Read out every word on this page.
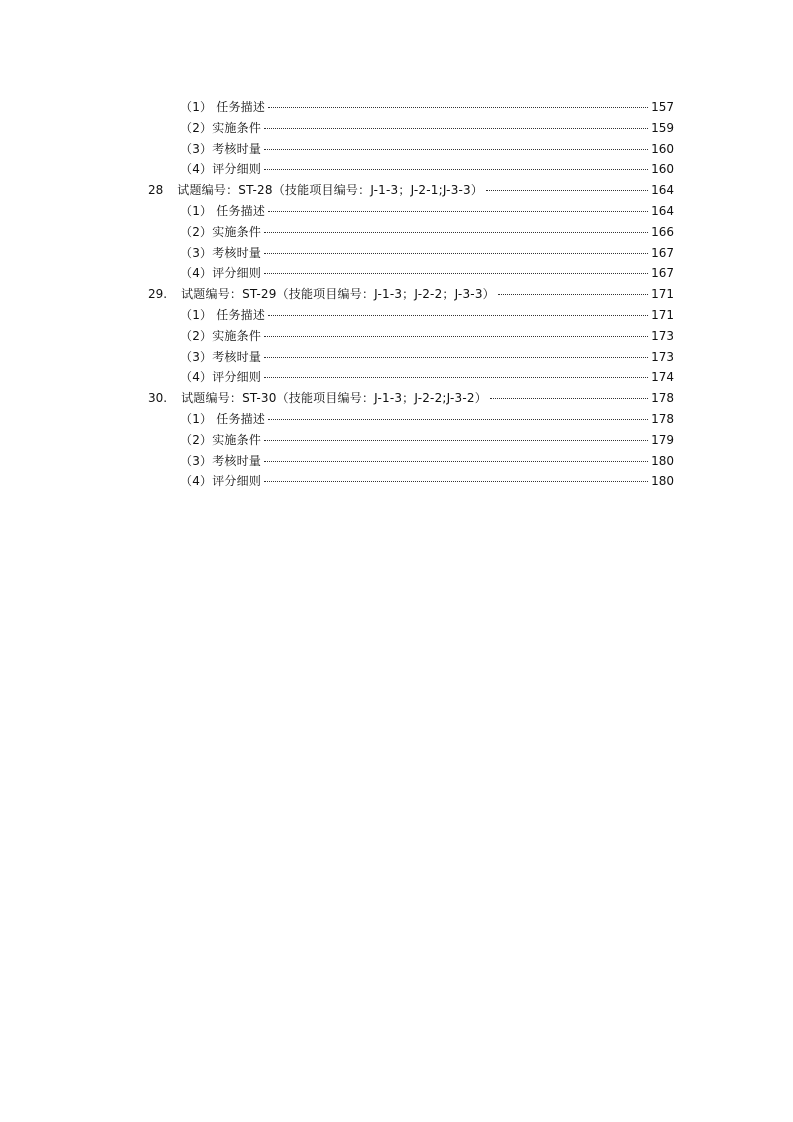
（1） 任务描述	157
（2）实施条件	159
（3）考核时量	160
（4）评分细则	160
28 试题编号：ST-28（技能项目编号：J-1-3；J-2-1;J-3-3）	164
（1） 任务描述	164
（2）实施条件	166
（3）考核时量	167
（4）评分细则	167
29. 试题编号：ST-29（技能项目编号：J-1-3；J-2-2；J-3-3）	171
（1） 任务描述	171
（2）实施条件	173
（3）考核时量	173
（4）评分细则	174
30. 试题编号：ST-30（技能项目编号：J-1-3；J-2-2;J-3-2）	178
（1） 任务描述	178
（2）实施条件	179
（3）考核时量	180
（4）评分细则	180
